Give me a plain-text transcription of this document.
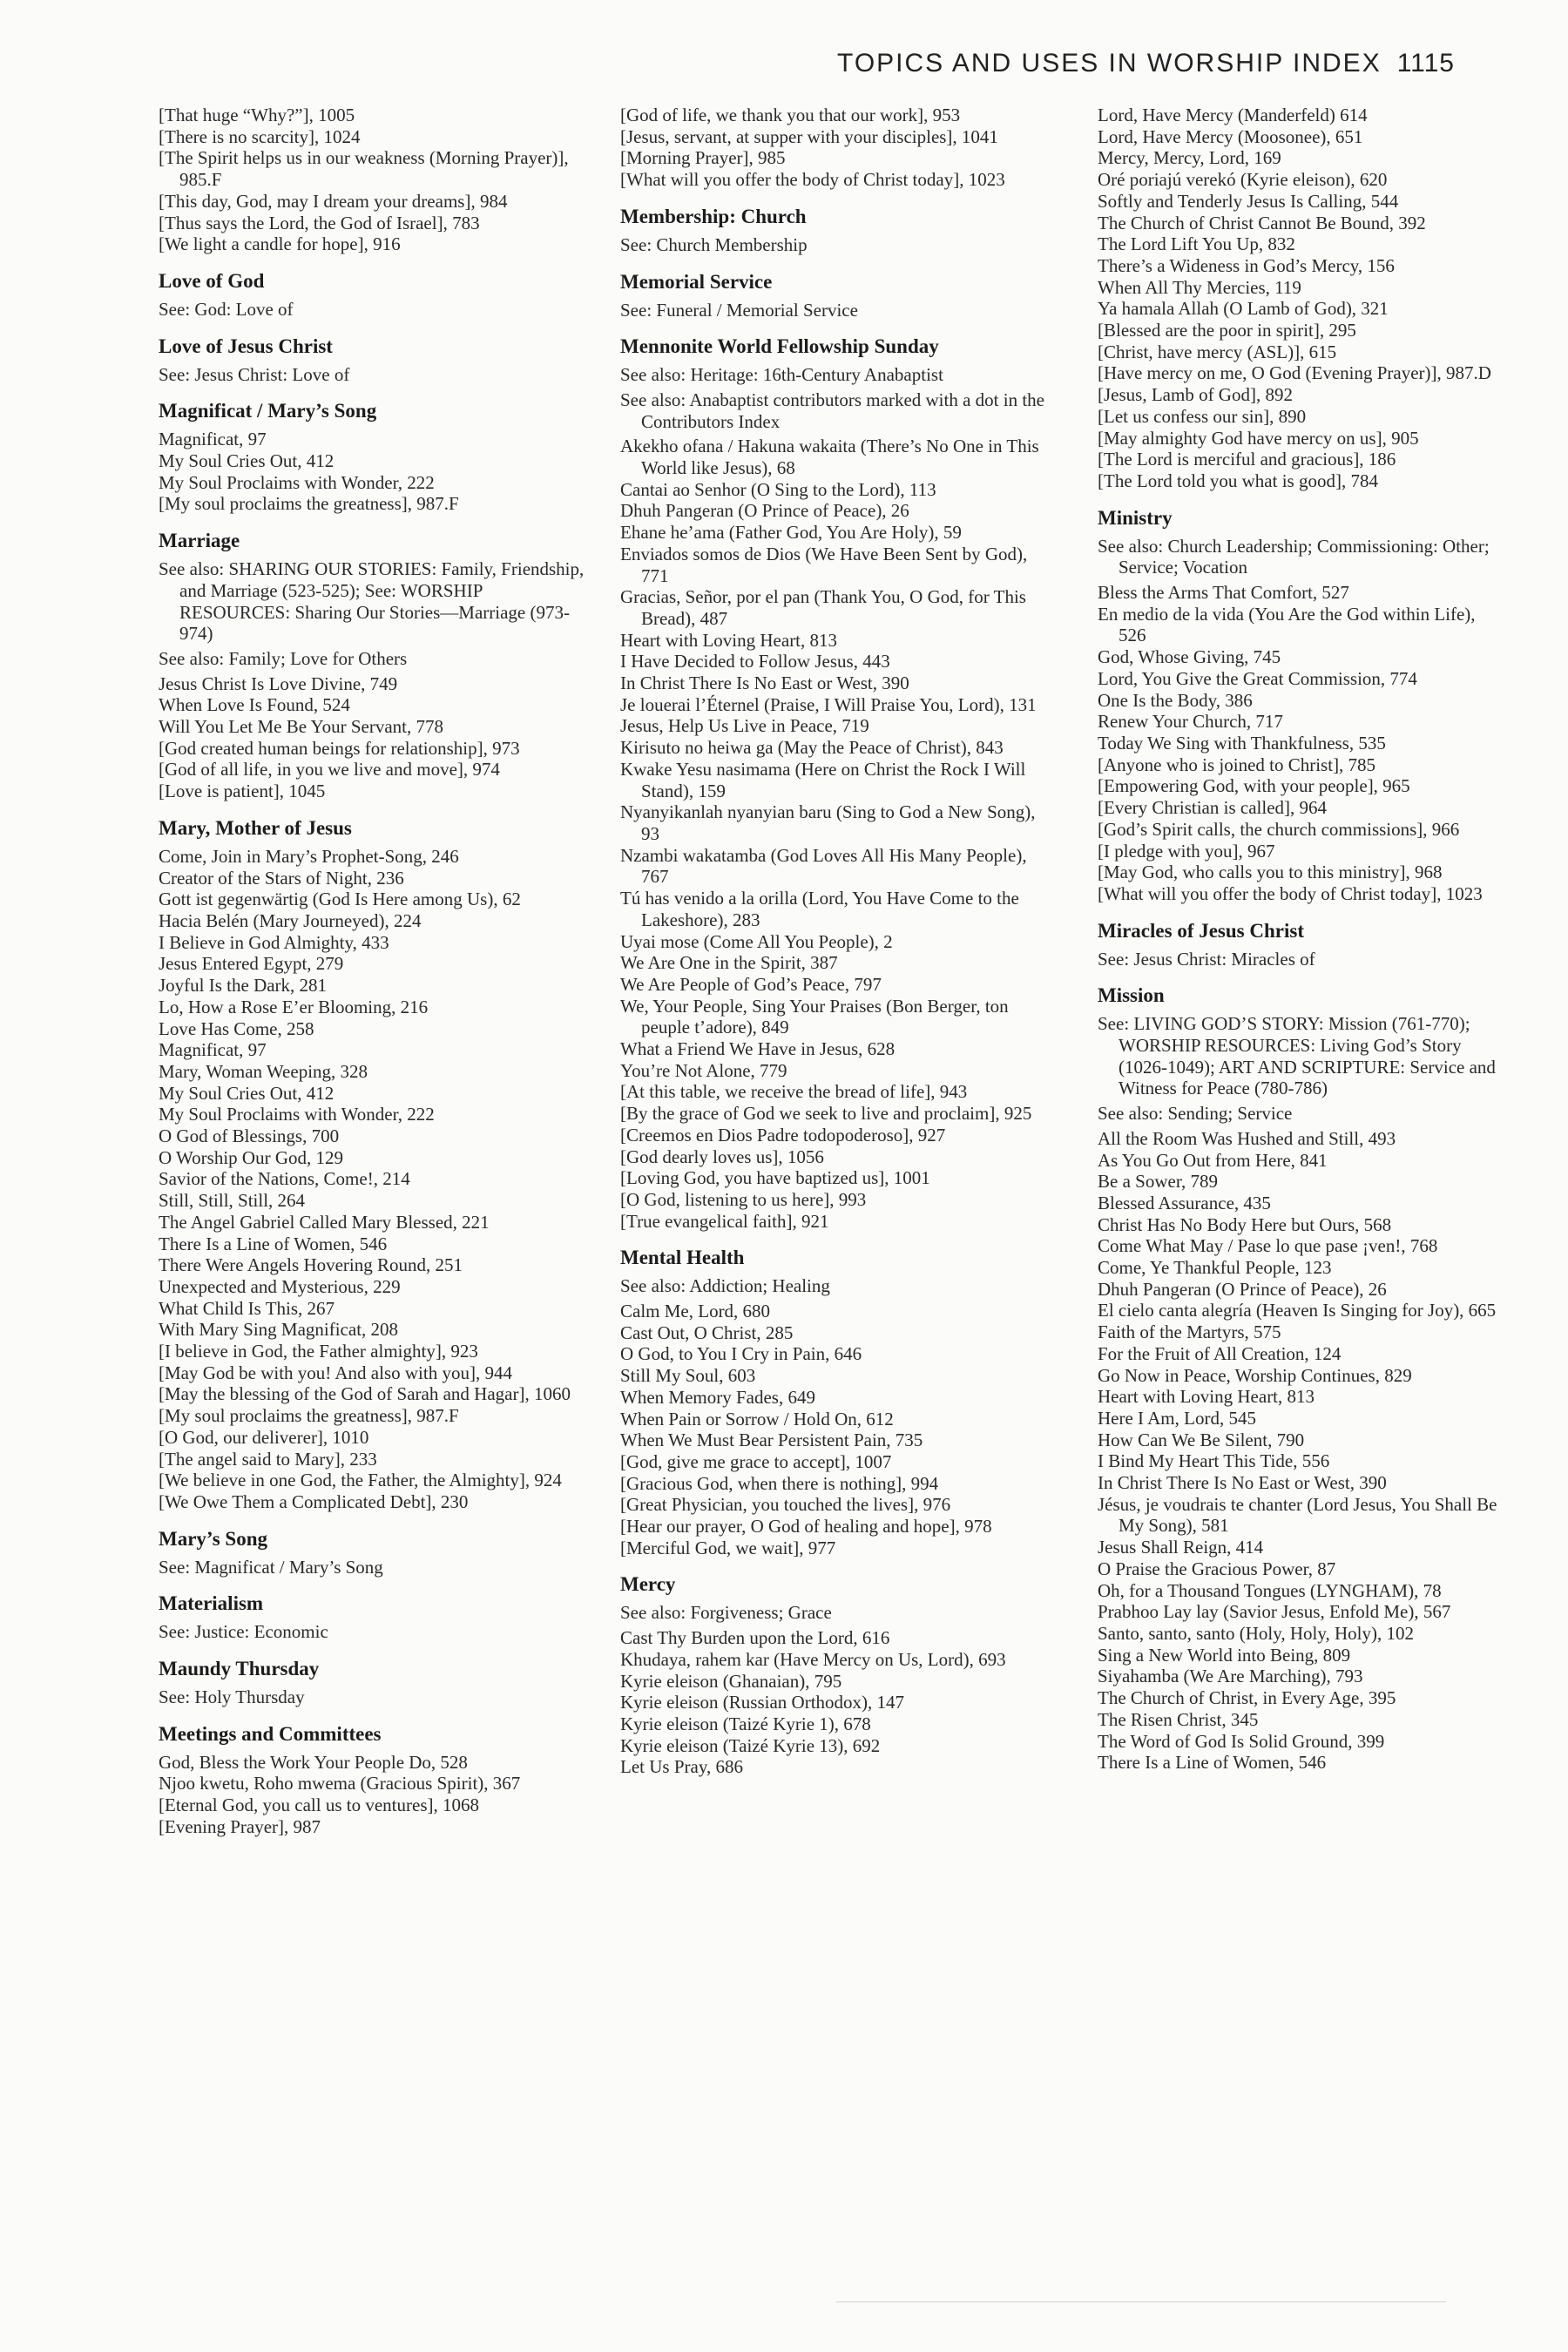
TOPICS AND USES IN WORSHIP INDEX 1115
[That huge “Why?”], 1005
[There is no scarcity], 1024
[The Spirit helps us in our weakness (Morning Prayer)], 985.F
[This day, God, may I dream your dreams], 984
[Thus says the Lord, the God of Israel], 783
[We light a candle for hope], 916
Love of God
See: God: Love of
Love of Jesus Christ
See: Jesus Christ: Love of
Magnificat / Mary’s Song
Magnificat, 97
My Soul Cries Out, 412
My Soul Proclaims with Wonder, 222
[My soul proclaims the greatness], 987.F
Marriage
See also: SHARING OUR STORIES: Family, Friendship, and Marriage (523-525); See: WORSHIP RESOURCES: Sharing Our Stories—Marriage (973-974)
See also: Family; Love for Others
Jesus Christ Is Love Divine, 749
When Love Is Found, 524
Will You Let Me Be Your Servant, 778
[God created human beings for relationship], 973
[God of all life, in you we live and move], 974
[Love is patient], 1045
Mary, Mother of Jesus
Come, Join in Mary’s Prophet-Song, 246
Creator of the Stars of Night, 236
Gott ist gegenwärtig (God Is Here among Us), 62
Hacia Belén (Mary Journeyed), 224
I Believe in God Almighty, 433
Jesus Entered Egypt, 279
Joyful Is the Dark, 281
Lo, How a Rose E’er Blooming, 216
Love Has Come, 258
Magnificat, 97
Mary, Woman Weeping, 328
My Soul Cries Out, 412
My Soul Proclaims with Wonder, 222
O God of Blessings, 700
O Worship Our God, 129
Savior of the Nations, Come!, 214
Still, Still, Still, 264
The Angel Gabriel Called Mary Blessed, 221
There Is a Line of Women, 546
There Were Angels Hovering Round, 251
Unexpected and Mysterious, 229
What Child Is This, 267
With Mary Sing Magnificat, 208
[I believe in God, the Father almighty], 923
[May God be with you! And also with you], 944
[May the blessing of the God of Sarah and Hagar], 1060
[My soul proclaims the greatness], 987.F
[O God, our deliverer], 1010
[The angel said to Mary], 233
[We believe in one God, the Father, the Almighty], 924
[We Owe Them a Complicated Debt], 230
Mary’s Song
See: Magnificat / Mary’s Song
Materialism
See: Justice: Economic
Maundy Thursday
See: Holy Thursday
Meetings and Committees
God, Bless the Work Your People Do, 528
Njoo kwetu, Roho mwema (Gracious Spirit), 367
[Eternal God, you call us to ventures], 1068
[Evening Prayer], 987
[God of life, we thank you that our work], 953
[Jesus, servant, at supper with your disciples], 1041
[Morning Prayer], 985
[What will you offer the body of Christ today], 1023
Membership: Church
See: Church Membership
Memorial Service
See: Funeral / Memorial Service
Mennonite World Fellowship Sunday
See also: Heritage: 16th-Century Anabaptist
See also: Anabaptist contributors marked with a dot in the Contributors Index
Akekho ofana / Hakuna wakaita (There’s No One in This World like Jesus), 68
Cantai ao Senhor (O Sing to the Lord), 113
Dhuh Pangeran (O Prince of Peace), 26
Ehane he’ama (Father God, You Are Holy), 59
Enviados somos de Dios (We Have Been Sent by God), 771
Gracias, Señor, por el pan (Thank You, O God, for This Bread), 487
Heart with Loving Heart, 813
I Have Decided to Follow Jesus, 443
In Christ There Is No East or West, 390
Je louerai l’Éternel (Praise, I Will Praise You, Lord), 131
Jesus, Help Us Live in Peace, 719
Kirisuto no heiwa ga (May the Peace of Christ), 843
Kwake Yesu nasimama (Here on Christ the Rock I Will Stand), 159
Nyanyikanlah nyanyian baru (Sing to God a New Song), 93
Nzambi wakatamba (God Loves All His Many People), 767
Tú has venido a la orilla (Lord, You Have Come to the Lakeshore), 283
Uyai mose (Come All You People), 2
We Are One in the Spirit, 387
We Are People of God’s Peace, 797
We, Your People, Sing Your Praises (Bon Berger, ton peuple t’adore), 849
What a Friend We Have in Jesus, 628
You’re Not Alone, 779
[At this table, we receive the bread of life], 943
[By the grace of God we seek to live and proclaim], 925
[Creemos en Dios Padre todopoderoso], 927
[God dearly loves us], 1056
[Loving God, you have baptized us], 1001
[O God, listening to us here], 993
[True evangelical faith], 921
Mental Health
See also: Addiction; Healing
Calm Me, Lord, 680
Cast Out, O Christ, 285
O God, to You I Cry in Pain, 646
Still My Soul, 603
When Memory Fades, 649
When Pain or Sorrow / Hold On, 612
When We Must Bear Persistent Pain, 735
[God, give me grace to accept], 1007
[Gracious God, when there is nothing], 994
[Great Physician, you touched the lives], 976
[Hear our prayer, O God of healing and hope], 978
[Merciful God, we wait], 977
Mercy
See also: Forgiveness; Grace
Cast Thy Burden upon the Lord, 616
Khudaya, rahem kar (Have Mercy on Us, Lord), 693
Kyrie eleison (Ghanaian), 795
Kyrie eleison (Russian Orthodox), 147
Kyrie eleison (Taizé Kyrie 1), 678
Kyrie eleison (Taizé Kyrie 13), 692
Let Us Pray, 686
Lord, Have Mercy (Manderfeld) 614
Lord, Have Mercy (Moosonee), 651
Mercy, Mercy, Lord, 169
Oré poriajú verekó (Kyrie eleison), 620
Softly and Tenderly Jesus Is Calling, 544
The Church of Christ Cannot Be Bound, 392
The Lord Lift You Up, 832
There’s a Wideness in God’s Mercy, 156
When All Thy Mercies, 119
Ya hamala Allah (O Lamb of God), 321
[Blessed are the poor in spirit], 295
[Christ, have mercy (ASL)], 615
[Have mercy on me, O God (Evening Prayer)], 987.D
[Jesus, Lamb of God], 892
[Let us confess our sin], 890
[May almighty God have mercy on us], 905
[The Lord is merciful and gracious], 186
[The Lord told you what is good], 784
Ministry
See also: Church Leadership; Commissioning: Other; Service; Vocation
Bless the Arms That Comfort, 527
En medio de la vida (You Are the God within Life), 526
God, Whose Giving, 745
Lord, You Give the Great Commission, 774
One Is the Body, 386
Renew Your Church, 717
Today We Sing with Thankfulness, 535
[Anyone who is joined to Christ], 785
[Empowering God, with your people], 965
[Every Christian is called], 964
[God’s Spirit calls, the church commissions], 966
[I pledge with you], 967
[May God, who calls you to this ministry], 968
[What will you offer the body of Christ today], 1023
Miracles of Jesus Christ
See: Jesus Christ: Miracles of
Mission
See: LIVING GOD’S STORY: Mission (761-770); WORSHIP RESOURCES: Living God’s Story (1026-1049); ART AND SCRIPTURE: Service and Witness for Peace (780-786)
See also: Sending; Service
All the Room Was Hushed and Still, 493
As You Go Out from Here, 841
Be a Sower, 789
Blessed Assurance, 435
Christ Has No Body Here but Ours, 568
Come What May / Pase lo que pase ¡ven!, 768
Come, Ye Thankful People, 123
Dhuh Pangeran (O Prince of Peace), 26
El cielo canta alegría (Heaven Is Singing for Joy), 665
Faith of the Martyrs, 575
For the Fruit of All Creation, 124
Go Now in Peace, Worship Continues, 829
Heart with Loving Heart, 813
Here I Am, Lord, 545
How Can We Be Silent, 790
I Bind My Heart This Tide, 556
In Christ There Is No East or West, 390
Jésus, je voudrais te chanter (Lord Jesus, You Shall Be My Song), 581
Jesus Shall Reign, 414
O Praise the Gracious Power, 87
Oh, for a Thousand Tongues (LYNGHAM), 78
Prabhoo Lay lay (Savior Jesus, Enfold Me), 567
Santo, santo, santo (Holy, Holy, Holy), 102
Sing a New World into Being, 809
Siyahamba (We Are Marching), 793
The Church of Christ, in Every Age, 395
The Risen Christ, 345
The Word of God Is Solid Ground, 399
There Is a Line of Women, 546
